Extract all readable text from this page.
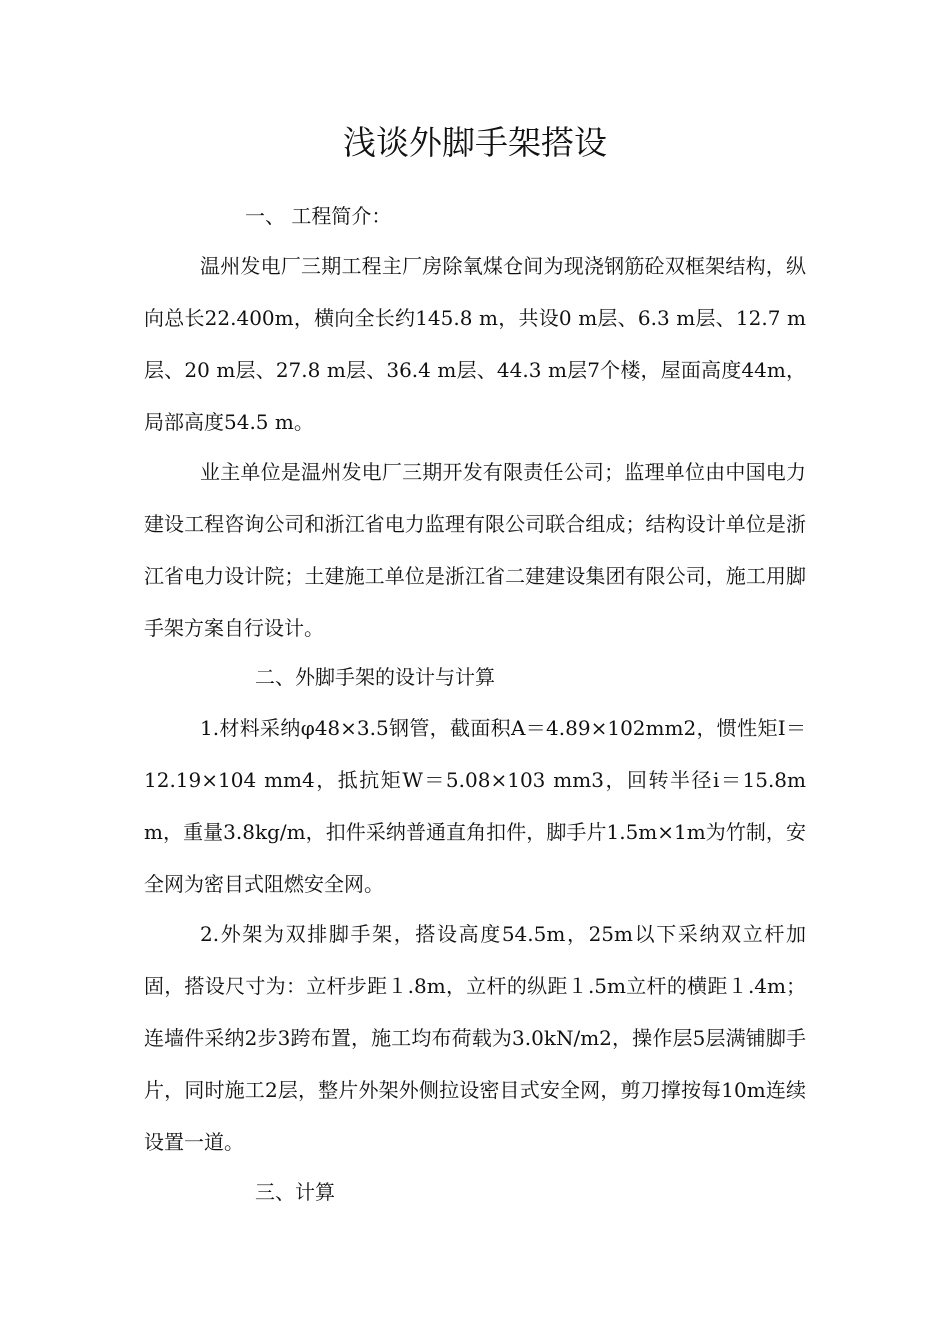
浅谈外脚手架搭设
一、 工程简介：

温州发电厂三期工程主厂房除氧煤仓间为现浇钢筋砼双框架结构，纵向总长22.400m，横向全长约145.8 m，共设0 m层、6.3 m层、12.7 m层、20 m层、27.8 m层、36.4 m层、44.3 m层7个楼，屋面高度44m，局部高度54.5 m。

业主单位是温州发电厂三期开发有限责任公司；监理单位由中国电力建设工程咨询公司和浙江省电力监理有限公司联合组成；结构设计单位是浙江省电力设计院；土建施工单位是浙江省二建建设集团有限公司，施工用脚手架方案自行设计。

二、外脚手架的设计与计算

1.材料采纳φ48×3.5钢管，截面积A＝4.89×102mm2，惯性矩I＝12.19×104 mm4，抵抗矩W＝5.08×103 mm3，回转半径i＝15.8mm，重量3.8kg/m，扣件采纳普通直角扣件，脚手片1.5m×1m为竹制，安全网为密目式阻燃安全网。

2.外架为双排脚手架，搭设高度54.5m，25m以下采纳双立杆加固，搭设尺寸为：立杆步距１.8m，立杆的纵距１.5m立杆的横距１.4m；连墙件采纳2步3跨布置，施工均布荷载为3.0kN/m2，操作层5层满铺脚手片，同时施工2层，整片外架外侧拉设密目式安全网，剪刀撑按每10m连续设置一道。

三、计算
